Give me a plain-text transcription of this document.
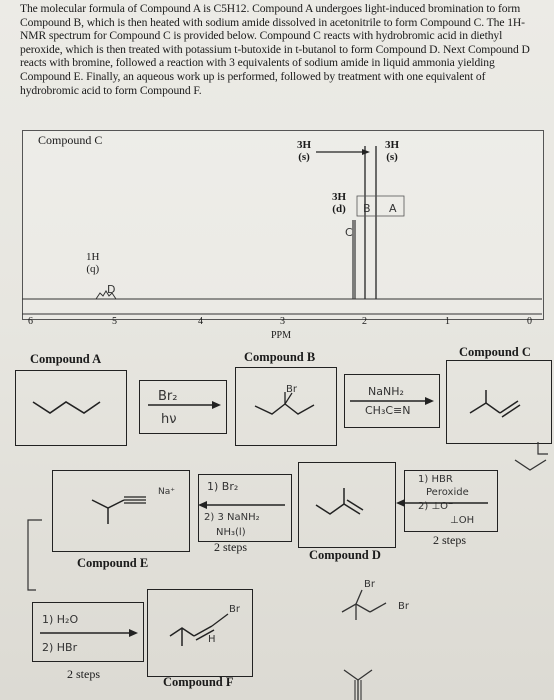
The molecular formula of Compound A is C5H12. Compound A undergoes light-induced bromination to form Compound B, which is then heated with sodium amide dissolved in acetonitrile to form Compound C. The 1H-NMR spectrum for Compound C is provided below. Compound C reacts with hydrobromic acid in diethyl peroxide, which is then treated with potassium t-butoxide in t-butanol to form Compound D. Next Compound D reacts with bromine, followed a reaction with 3 equivalents of sodium amide in liquid ammonia yielding Compound E. Finally, an aqueous work up is performed, followed by treatment with one equivalent of hydrobromic acid to form Compound F.
Compound C	3H
(s)
3H
(s)
3H
(d)
1H
(q)
B A
C
D
6	5	4	3	2	1	0
PPM
Compound A	Compound B	Compound C
Compound E
Compound D
Compound F
Br₂
hν
Br	NaNH₂
CH₃C≡N
Na⁺	1) Br₂
2) 3 NaNH₂
NH₃(l)
1) HBR
Peroxide
2) ⊥O⁻
⊥OH
Br
Br
Br
H
1) H₂O
2) HBr
2 steps	2 steps
2 steps
